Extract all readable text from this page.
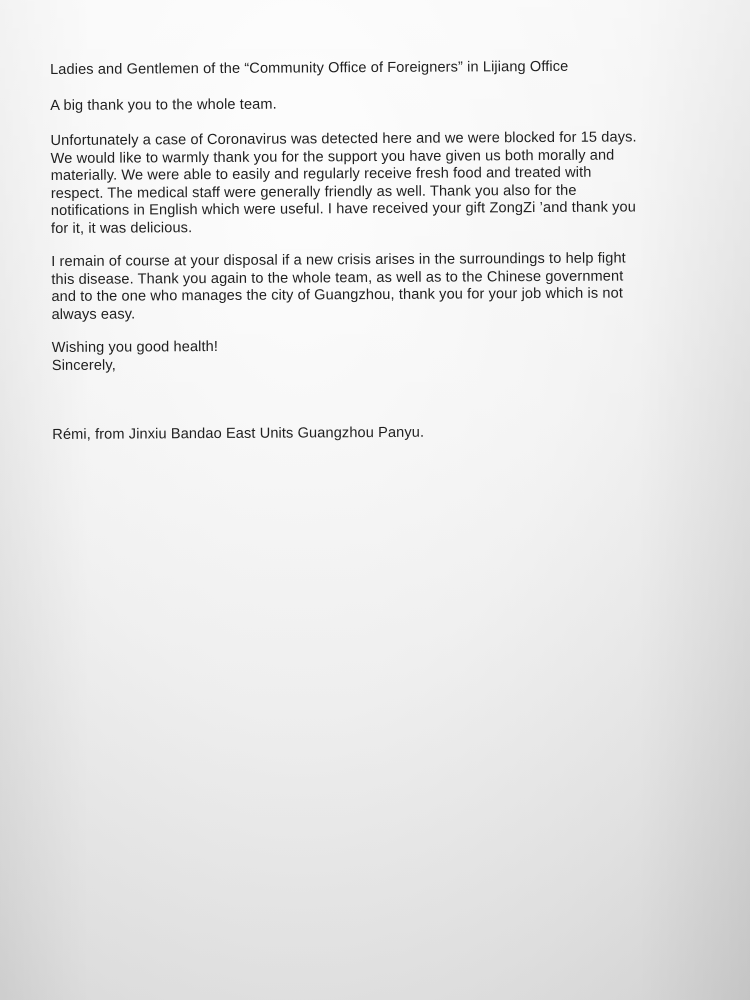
Ladies and Gentlemen of the “Community Office of Foreigners” in Lijiang Office

A big thank you to the whole team.

Unfortunately a case of Coronavirus was detected here and we were blocked for 15 days.
We would like to warmly thank you for the support you have given us both morally and
materially. We were able to easily and regularly receive fresh food and treated with
respect. The medical staff were generally friendly as well. Thank you also for the
notifications in English which were useful. I have received your gift ZongZi ’and thank you
for it, it was delicious.

I remain of course at your disposal if a new crisis arises in the surroundings to help fight
this disease. Thank you again to the whole team, as well as to the Chinese government
and to the one who manages the city of Guangzhou, thank you for your job which is not
always easy.

Wishing you good health!
Sincerely,

Rémi, from Jinxiu Bandao East Units Guangzhou Panyu.
